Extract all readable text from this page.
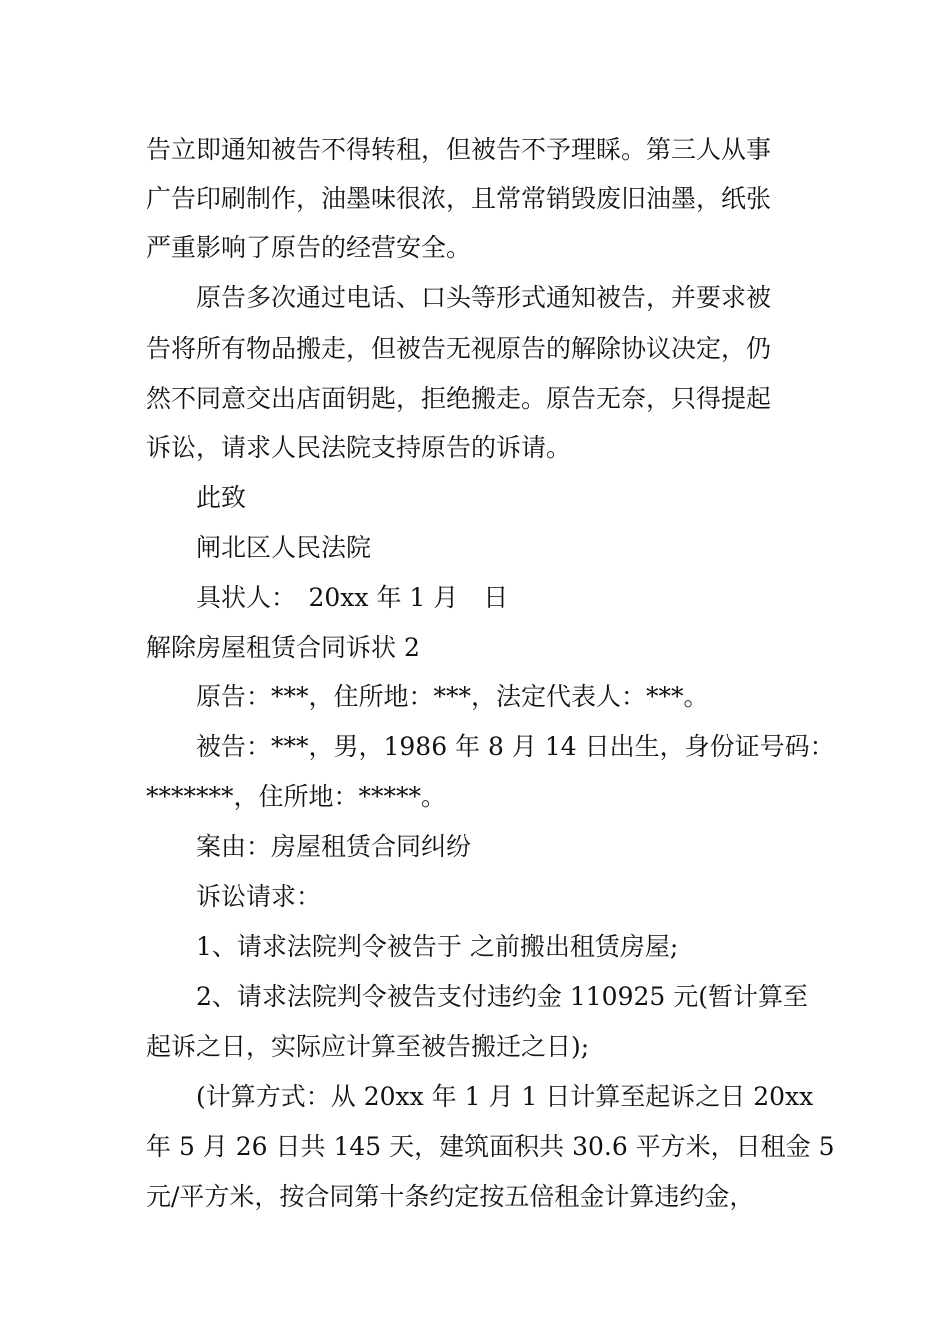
告立即通知被告不得转租，但被告不予理睬。第三人从事
广告印刷制作，油墨味很浓，且常常销毁废旧油墨，纸张
严重影响了原告的经营安全。
原告多次通过电话、口头等形式通知被告，并要求被
告将所有物品搬走，但被告无视原告的解除协议决定，仍
然不同意交出店面钥匙，拒绝搬走。原告无奈，只得提起
诉讼，请求人民法院支持原告的诉请。
此致
闸北区人民法院
具状人：　20xx 年 1 月　日
解除房屋租赁合同诉状 2
原告：***，住所地：***，法定代表人：***。
被告：***，男，1986 年 8 月 14 日出生，身份证号码：
*******，住所地：*****。
案由：房屋租赁合同纠纷
诉讼请求：
1、请求法院判令被告于 之前搬出租赁房屋;
2、请求法院判令被告支付违约金 110925 元(暂计算至
起诉之日，实际应计算至被告搬迁之日);
(计算方式：从 20xx 年 1 月 1 日计算至起诉之日 20xx
年 5 月 26 日共 145 天，建筑面积共 30.6 平方米，日租金 5
元/平方米，按合同第十条约定按五倍租金计算违约金，
